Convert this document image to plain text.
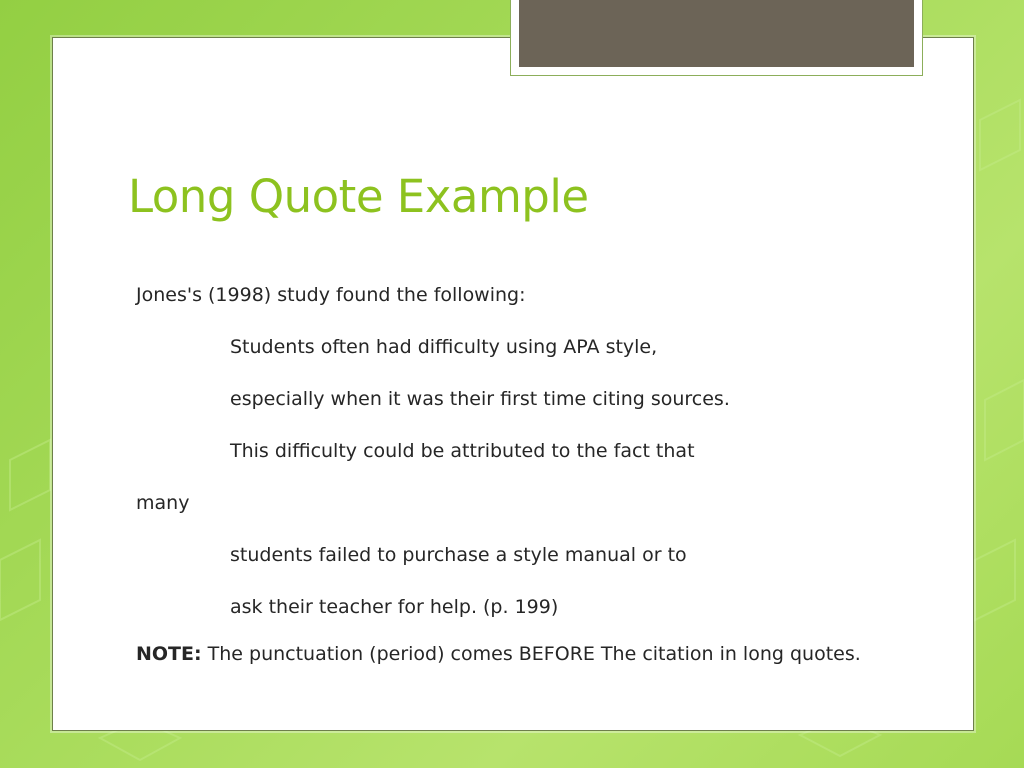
Long Quote Example

Jones's (1998) study found the following:

Students often had difficulty using APA style,

especially when it was their first time citing sources.

This difficulty could be attributed to the fact that

many

students failed to purchase a style manual or to

ask their teacher for help. (p. 199)

NOTE: The punctuation (period) comes BEFORE The citation in long quotes.
